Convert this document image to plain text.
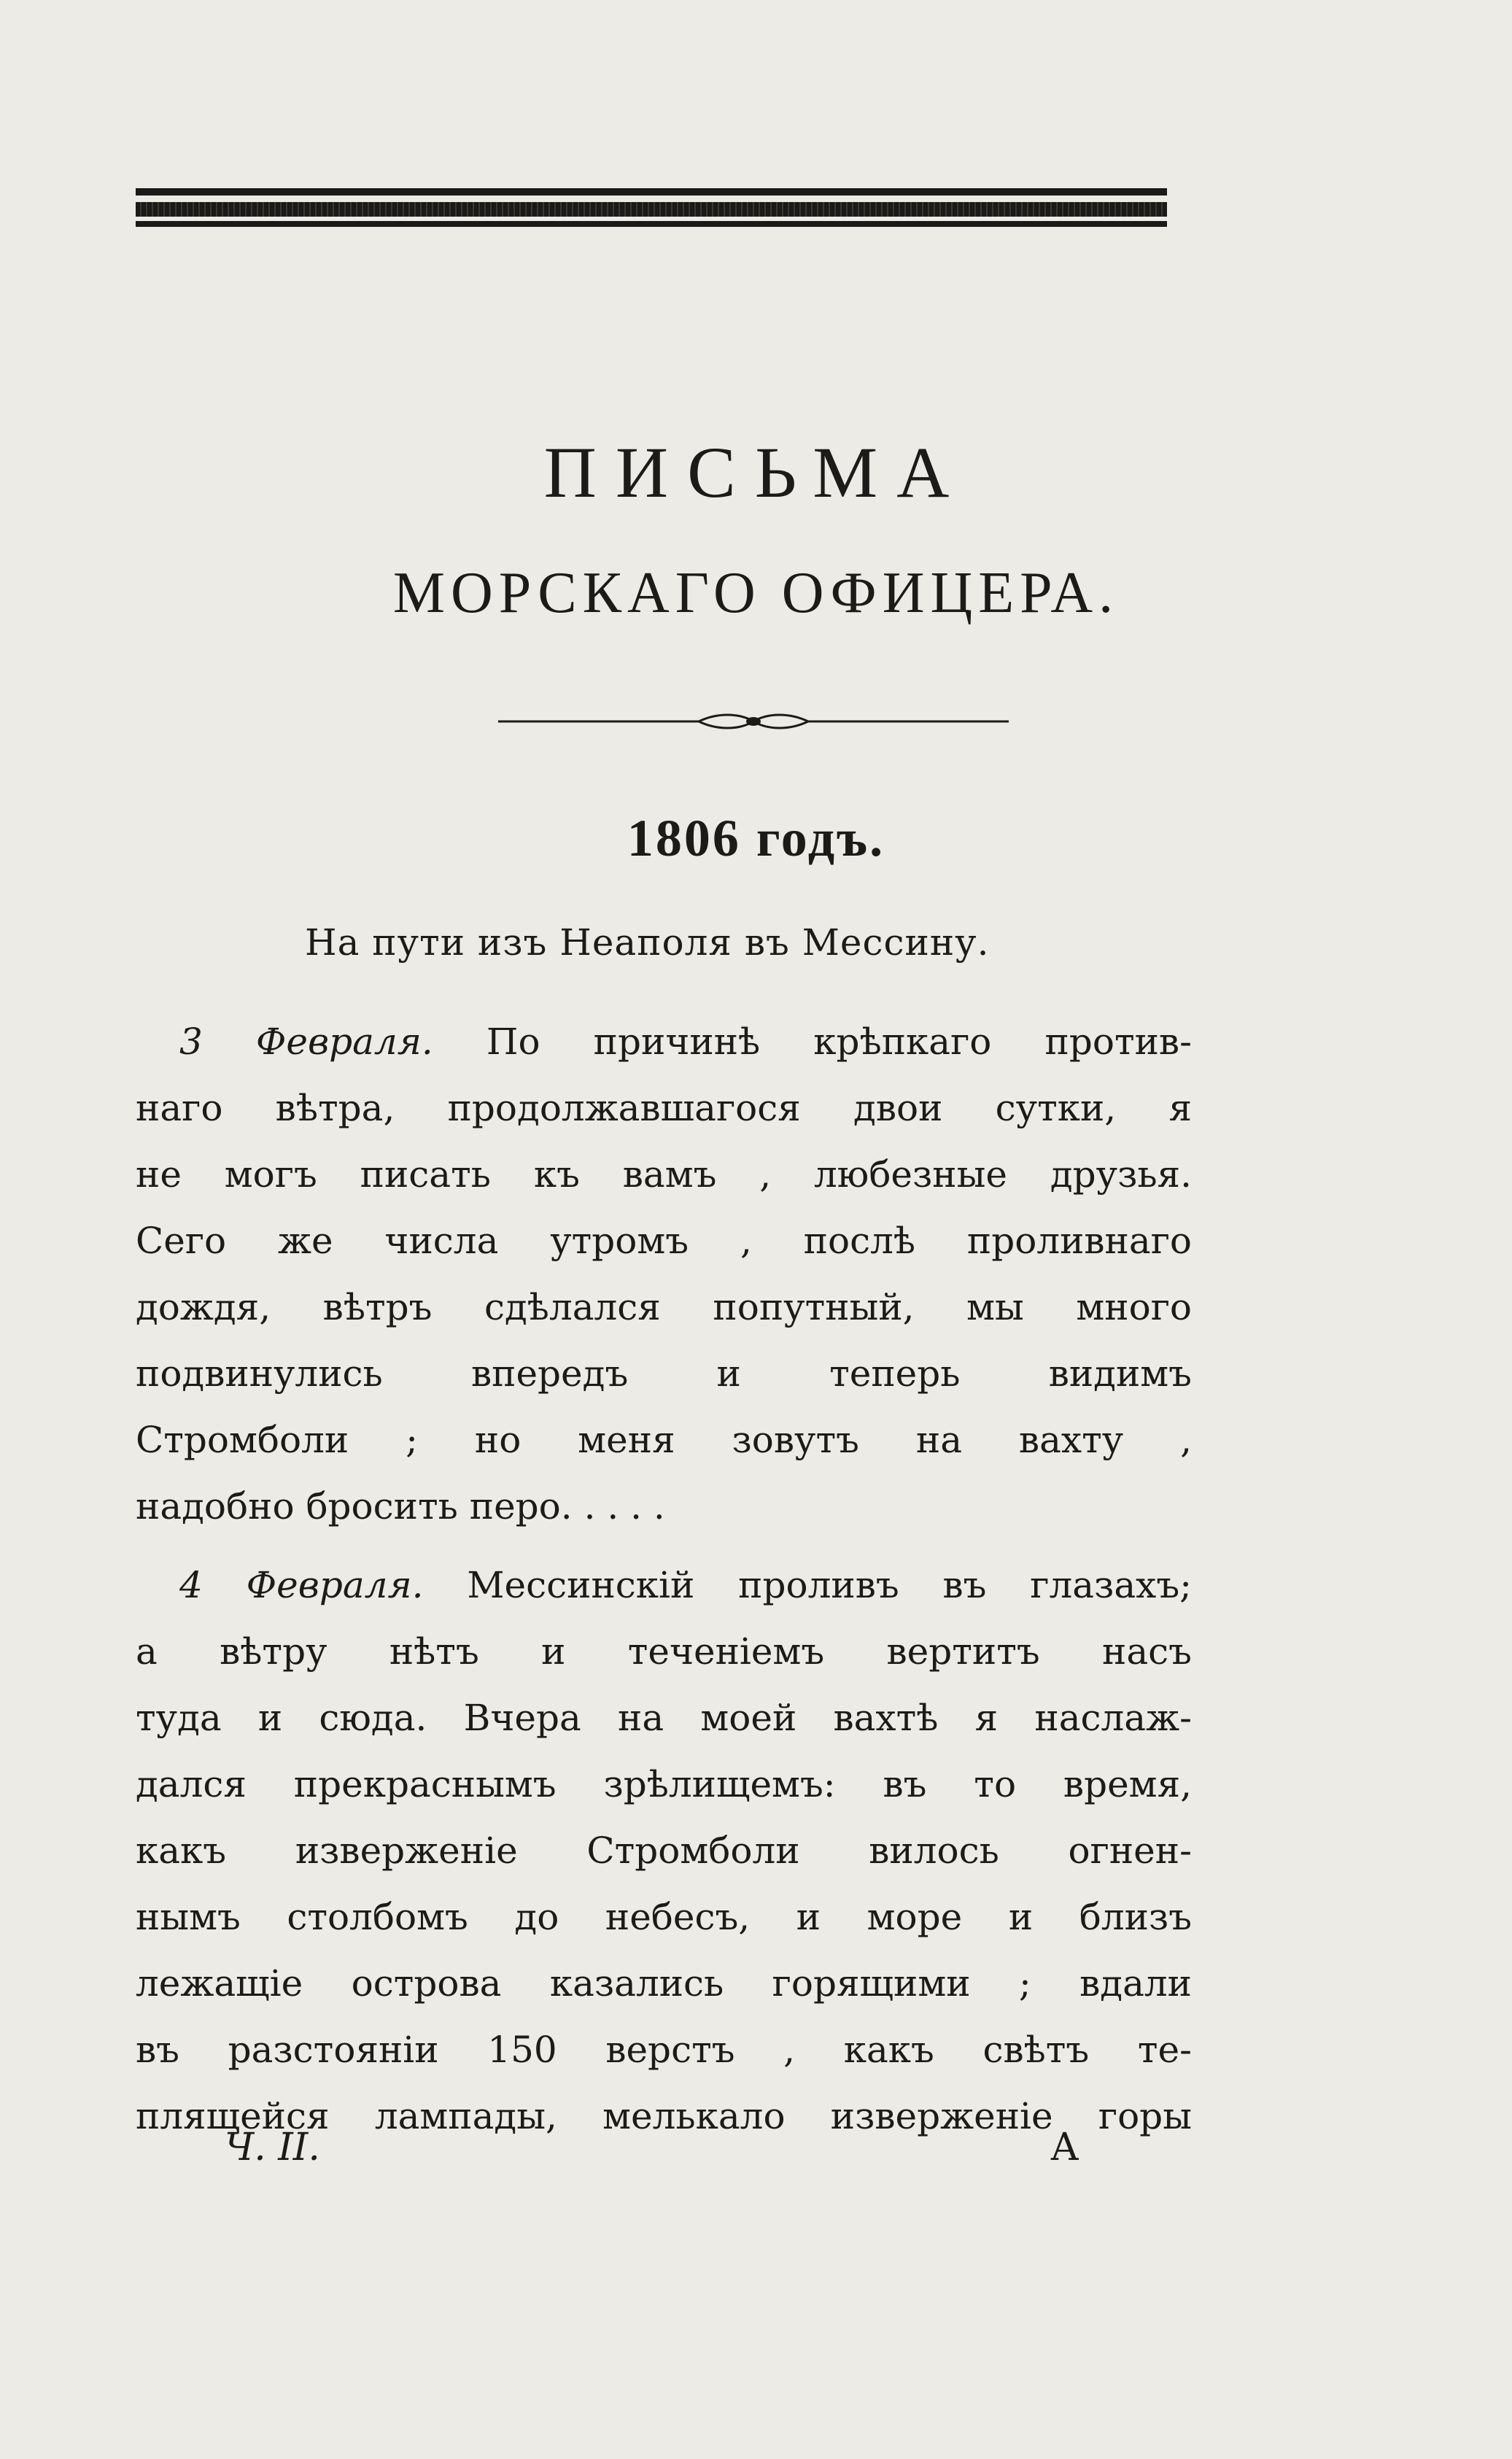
ПИСЬМА
МОРСКАГО ОФИЦЕРА.
1806 годъ.
На пути изъ Неаполя въ Мессину.
3 Февраля. По причинѣ крѣпкаго против-
наго вѣтра, продолжавшагося двои сутки, я
не могъ писать къ вамъ , любезные друзья.
Сего же числа утромъ , послѣ проливнаго
дождя, вѣтръ сдѣлался попутный, мы много
подвинулись впередъ и теперь видимъ
Стромболи ; но меня зовутъ на вахту ,
надобно бросить перо. . . . .
4 Февраля. Мессинскій проливъ въ глазахъ;
а вѣтру нѣтъ и теченіемъ вертитъ насъ
туда и сюда. Вчера на моей вахтѣ я наслаж-
дался прекраснымъ зрѣлищемъ: въ то время,
какъ изверженіе Стромболи вилось огнен-
нымъ столбомъ до небесъ, и море и близъ
лежащіе острова казались горящими ; вдали
въ разстояніи 150 верстъ , какъ свѣтъ те-
плящейся лампады, мелькало изверженіе горы
Ч. II.	А
